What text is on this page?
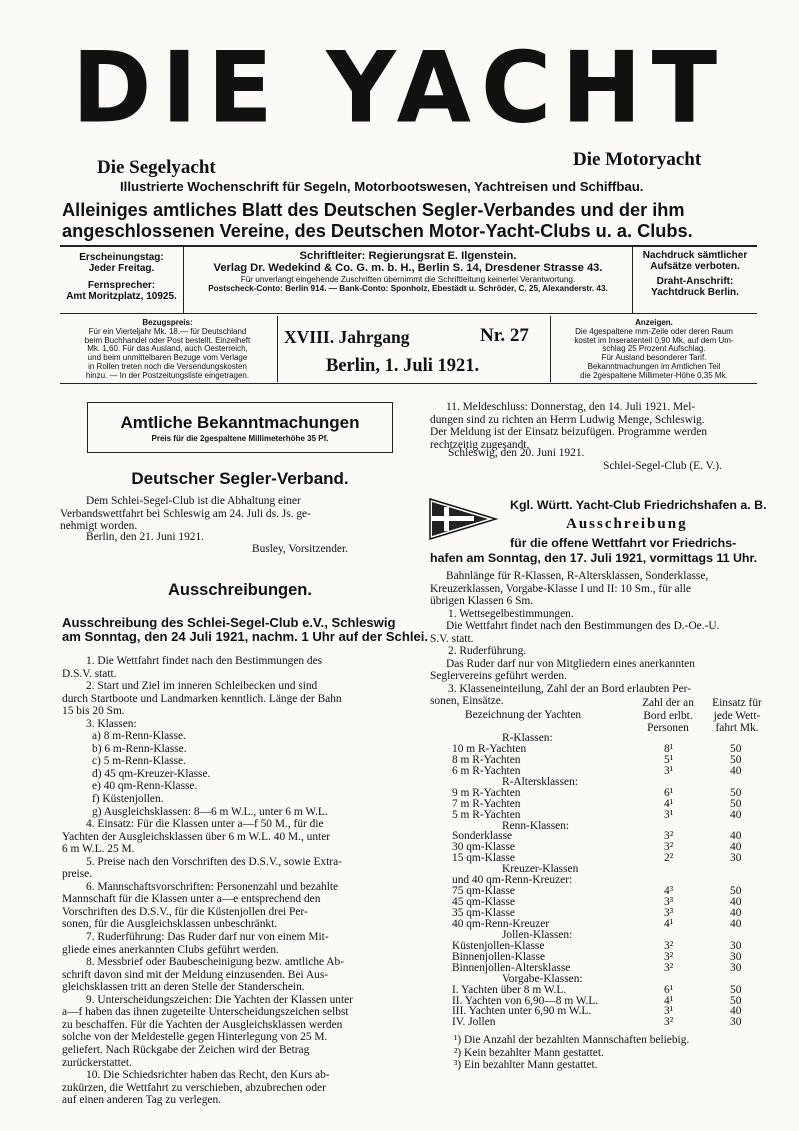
DIE YACHT
Die Segelyacht	Die Motoryacht
Illustrierte Wochenschrift für Segeln, Motorbootswesen, Yachtreisen und Schiffbau.
Alleiniges amtliches Blatt des Deutschen Segler-Verbandes und der ihm
angeschlossenen Vereine, des Deutschen Motor-Yacht-Clubs u. a. Clubs.
Erscheinungstag:
Jeder Freitag.
Fernsprecher:
Amt Moritzplatz, 10925.
Schriftleiter: Regierungsrat E. Ilgenstein.
Verlag Dr. Wedekind & Co. G. m. b. H., Berlin S. 14, Dresdener Strasse 43.
Für unverlangt eingehende Zuschriften übernimmt die Schriftleitung keinerlei Verantwortung.
Postscheck-Conto: Berlin 914. — Bank-Conto: Sponholz, Ebestädt u. Schröder, C. 25, Alexanderstr. 43.
Nachdruck sämtlicher
Aufsätze verboten.
Draht-Anschrift:
Yachtdruck Berlin.
Bezugspreis:
Für ein Vierteljahr Mk. 18.— für Deutschland
beim Buchhandel oder Post bestellt. Einzelheft
Mk. 1,60. Für das Ausland, auch Oesterreich,
und beim unmittelbaren Bezuge vom Verlage
in Rollen treten noch die Versendungskosten
hinzu. — In der Postzeitungsliste eingetragen.
XVIII. Jahrgang	Nr. 27
Berlin, 1. Juli 1921.
Anzeigen.
Die 4gespaltene mm-Zeile oder deren Raum
kostet im Inseratenteil 0,90 Mk, auf dem Um-
schlag 25 Prozent Aufschlag.
Für Ausland besonderer Tarif.
Bekanntmachungen im Amtlichen Teil
die 2gespaltene Millimeter-Höhe 0,35 Mk.
Amtliche Bekanntmachungen
Preis für die 2gespaltene Millimeterhöhe 35 Pf.
Deutscher Segler-Verband.
Dem Schlei-Segel-Club ist die Abhaltung einer
Verbandswettfahrt bei Schleswig am 24. Juli ds. Js. ge-
nehmigt worden.
Berlin, den 21. Juni 1921.
Busley, Vorsitzender.
Ausschreibungen.
Ausschreibung des Schlei-Segel-Club e.V., Schleswig
am Sonntag, den 24 Juli 1921, nachm. 1 Uhr auf der Schlei.
1. Die Wettfahrt findet nach den Bestimmungen des
D.S.V. statt.
2. Start und Ziel im inneren Schleibecken und sind
durch Startboote und Landmarken kenntlich. Länge der Bahn
15 bis 20 Sm.
3. Klassen:
a) 8 m-Renn-Klasse.
b) 6 m-Renn-Klasse.
c) 5 m-Renn-Klasse.
d) 45 qm-Kreuzer-Klasse.
e) 40 qm-Renn-Klasse.
f) Küstenjollen.
g) Ausgleichsklassen: 8—6 m W.L., unter 6 m W.L.
4. Einsatz: Für die Klassen unter a—f 50 M., für die
Yachten der Ausgleichsklassen über 6 m W.L. 40 M., unter
6 m W.L. 25 M.
5. Preise nach den Vorschriften des D.S.V., sowie Extra-
preise.
6. Mannschaftsvorschriften: Personenzahl und bezahlte
Mannschaft für die Klassen unter a—e entsprechend den
Vorschriften des D.S.V., für die Küstenjollen drei Per-
sonen, für die Ausgleichsklassen unbeschränkt.
7. Ruderführung: Das Ruder darf nur von einem Mit-
gliede eines anerkannten Clubs geführt werden.
8. Messbrief oder Baubescheinigung bezw. amtliche Ab-
schrift davon sind mit der Meldung einzusenden. Bei Aus-
gleichsklassen tritt an deren Stelle der Standerschein.
9. Unterscheidungszeichen: Die Yachten der Klassen unter
a—f haben das ihnen zugeteilte Unterscheidungszeichen selbst
zu beschaffen. Für die Yachten der Ausgleichsklassen werden
solche von der Meldestelle gegen Hinterlegung von 25 M.
geliefert. Nach Rückgabe der Zeichen wird der Betrag
zurückerstattet.
10. Die Schiedsrichter haben das Recht, den Kurs ab-
zukürzen, die Wettfahrt zu verschieben, abzubrechen oder
auf einen anderen Tag zu verlegen.
11. Meldeschluss: Donnerstag, den 14. Juli 1921. Mel-
dungen sind zu richten an Herrn Ludwig Menge, Schleswig.
Der Meldung ist der Einsatz beizufügen. Programme werden
rechtzeitig zugesandt.
Schleswig, den 20. Juni 1921.
Schlei-Segel-Club (E. V.).
Kgl. Württ. Yacht-Club Friedrichshafen a. B.
Ausschreibung
für die offene Wettfahrt vor Friedrichs-
hafen am Sonntag, den 17. Juli 1921, vormittags 11 Uhr.
Bahnlänge für R-Klassen, R-Altersklassen, Sonderklasse,
Kreuzerklassen, Vorgabe-Klasse I und II: 10 Sm., für alle
übrigen Klassen 6 Sm.
1. Wettsegelbestimmungen.
Die Wettfahrt findet nach den Bestimmungen des D.-Oe.-U.
S.V. statt.
2. Ruderführung.
Das Ruder darf nur von Mitgliedern eines anerkannten
Seglervereins geführt werden.
3. Klasseneinteilung, Zahl der an Bord erlaubten Per-
sonen, Einsätze.
Bezeichnung der Yachten
Zahl der an
Bord erlbt.
Personen
Einsatz für
jede Wett-
fahrt Mk.
R-Klassen:
10 m R-Yachten	8¹	50
8 m R-Yachten	5¹	50
6 m R-Yachten	3¹	40
R-Altersklassen:
9 m R-Yachten	6¹	50
7 m R-Yachten	4¹	50
5 m R-Yachten	3¹	40
Renn-Klassen:
Sonderklasse	3²	40
30 qm-Klasse	3²	40
15 qm-Klasse	2²	30
Kreuzer-Klassen
und 40 qm-Renn-Kreuzer:
75 qm-Klasse	4³	50
45 qm-Klasse	3³	40
35 qm-Klasse	3³	40
40 qm-Renn-Kreuzer	4¹	40
Jollen-Klassen:
Küstenjollen-Klasse	3²	30
Binnenjollen-Klasse	3²	30
Binnenjollen-Altersklasse	3²	30
Vorgabe-Klassen:
I. Yachten über 8 m W.L.	6¹	50
II. Yachten von 6,90—8 m W.L.	4¹	50
III. Yachten unter 6,90 m W.L.	3¹	40
IV. Jollen	3²	30
¹) Die Anzahl der bezahlten Mannschaften beliebig.
²) Kein bezahlter Mann gestattet.
³) Ein bezahlter Mann gestattet.
